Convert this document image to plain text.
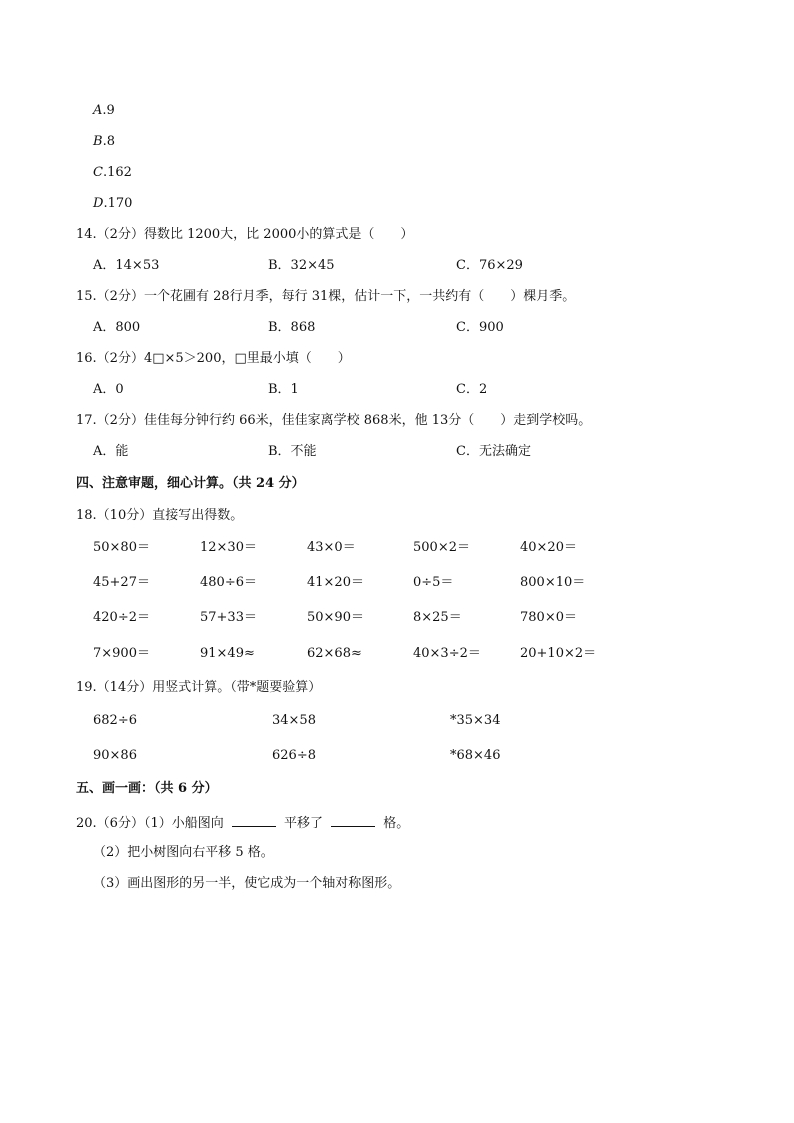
A.9
B.8
C.162
D.170
14.（2分）得数比 1200大，比 2000小的算式是（　　）
A．14×53	B．32×45	C．76×29
15.（2分）一个花圃有 28行月季，每行 31棵，估计一下，一共约有（　　）棵月季。
A．800	B．868	C．900
16.（2分）4□×5＞200，□里最小填（　　）
A．0	B．1	C．2
17.（2分）佳佳每分钟行约 66米，佳佳家离学校 868米，他 13分（　　）走到学校吗。
A．能	B．不能	C．无法确定
四、注意审题，细心计算。（共 24 分）
18.（10分）直接写出得数。
50×80＝	12×30＝	43×0＝	500×2＝	40×20＝
45+27＝	480÷6＝	41×20＝	0÷5＝	800×10＝
420÷2＝	57+33＝	50×90＝	8×25＝	780×0＝
7×900＝	91×49≈	62×68≈	40×3÷2＝	20+10×2＝
19.（14分）用竖式计算。（带*题要验算）
682÷6	34×58	*35×34
90×86	626÷8	*68×46
五、画一画：（共 6 分）
20.（6分）（1）小船图向	平移了	格。
（2）把小树图向右平移 5 格。
（3）画出图形的另一半，使它成为一个轴对称图形。
